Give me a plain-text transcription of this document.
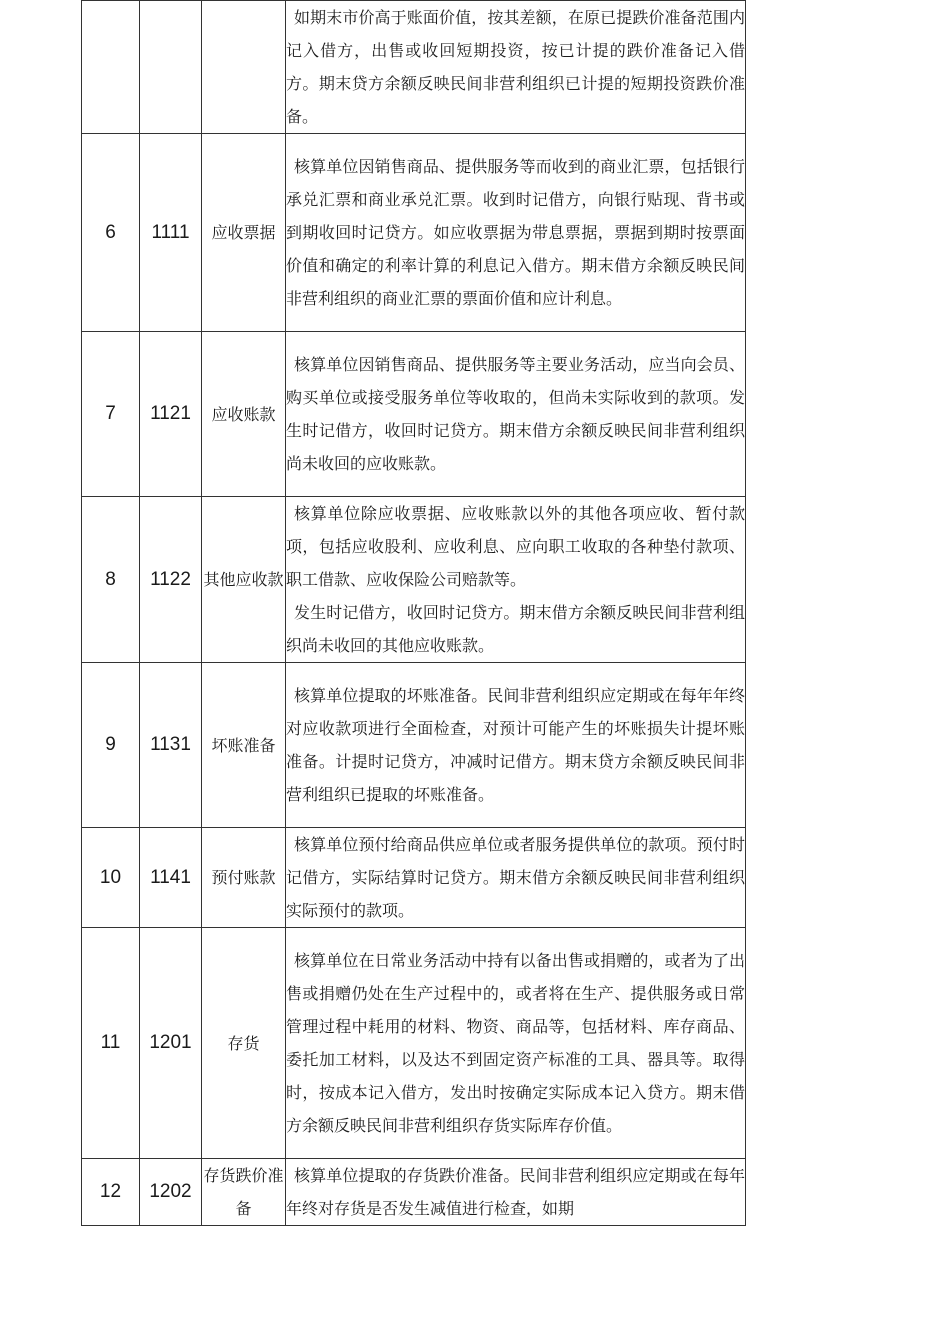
			如期末市价高于账面价值，按其差额，在原已提跌价准备范围内记入借方，出售或收回短期投资，按已计提的跌价准备记入借方。期末贷方余额反映民间非营利组织已计提的短期投资跌价准备。

6	1111	应收票据	核算单位因销售商品、提供服务等而收到的商业汇票，包括银行承兑汇票和商业承兑汇票。收到时记借方，向银行贴现、背书或到期收回时记贷方。如应收票据为带息票据，票据到期时按票面价值和确定的利率计算的利息记入借方。期末借方余额反映民间非营利组织的商业汇票的票面价值和应计利息。

7	1121	应收账款	核算单位因销售商品、提供服务等主要业务活动，应当向会员、购买单位或接受服务单位等收取的，但尚未实际收到的款项。发生时记借方，收回时记贷方。期末借方余额反映民间非营利组织尚未收回的应收账款。

8	1122	其他应收款	核算单位除应收票据、应收账款以外的其他各项应收、暂付款项，包括应收股利、应收利息、应向职工收取的各种垫付款项、职工借款、应收保险公司赔款等。

发生时记借方，收回时记贷方。期末借方余额反映民间非营利组织尚未收回的其他应收账款。

9	1131	坏账准备	核算单位提取的坏账准备。民间非营利组织应定期或在每年年终对应收款项进行全面检查，对预计可能产生的坏账损失计提坏账准备。计提时记贷方，冲减时记借方。期末贷方余额反映民间非营利组织已提取的坏账准备。

10	1141	预付账款	核算单位预付给商品供应单位或者服务提供单位的款项。预付时记借方，实际结算时记贷方。期末借方余额反映民间非营利组织实际预付的款项。

11	1201	存货	核算单位在日常业务活动中持有以备出售或捐赠的，或者为了出售或捐赠仍处在生产过程中的，或者将在生产、提供服务或日常管理过程中耗用的材料、物资、商品等，包括材料、库存商品、委托加工材料，以及达不到固定资产标准的工具、器具等。取得时，按成本记入借方，发出时按确定实际成本记入贷方。期末借方余额反映民间非营利组织存货实际库存价值。

12	1202	存货跌价准备	核算单位提取的存货跌价准备。民间非营利组织应定期或在每年年终对存货是否发生减值进行检查，如期
